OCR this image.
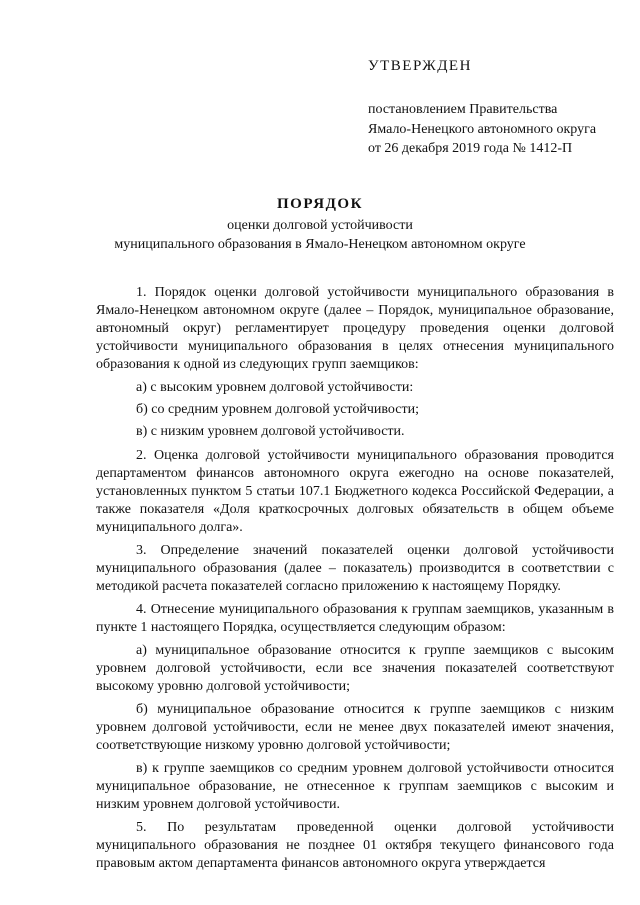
УТВЕРЖДЕН
постановлением Правительства
Ямало-Ненецкого автономного округа
от 26 декабря 2019 года № 1412-П
ПОРЯДОК
оценки долговой устойчивости
муниципального образования в Ямало-Ненецком автономном округе

1. Порядок оценки долговой устойчивости муниципального образования в Ямало-Ненецком автономном округе (далее – Порядок, муниципальное образование, автономный округ) регламентирует процедуру проведения оценки долговой устойчивости муниципального образования в целях отнесения муниципального образования к одной из следующих групп заемщиков:

а) с высоким уровнем долговой устойчивости:

б) со средним уровнем долговой устойчивости;

в) с низким уровнем долговой устойчивости.

2. Оценка долговой устойчивости муниципального образования проводится департаментом финансов автономного округа ежегодно на основе показателей, установленных пунктом 5 статьи 107.1 Бюджетного кодекса Российской Федерации, а также показателя «Доля краткосрочных долговых обязательств в общем объеме муниципального долга».

3. Определение значений показателей оценки долговой устойчивости муниципального образования (далее – показатель) производится в соответствии с методикой расчета показателей согласно приложению к настоящему Порядку.

4. Отнесение муниципального образования к группам заемщиков, указанным в пункте 1 настоящего Порядка, осуществляется следующим образом:

а) муниципальное образование относится к группе заемщиков с высоким уровнем долговой устойчивости, если все значения показателей соответствуют высокому уровню долговой устойчивости;

б) муниципальное образование относится к группе заемщиков с низким уровнем долговой устойчивости, если не менее двух показателей имеют значения, соответствующие низкому уровню долговой устойчивости;

в) к группе заемщиков со средним уровнем долговой устойчивости относится муниципальное образование, не отнесенное к группам заемщиков с высоким и низким уровнем долговой устойчивости.

5. По результатам проведенной оценки долговой устойчивости муниципального образования не позднее 01 октября текущего финансового года правовым актом департамента финансов автономного округа утверждается
